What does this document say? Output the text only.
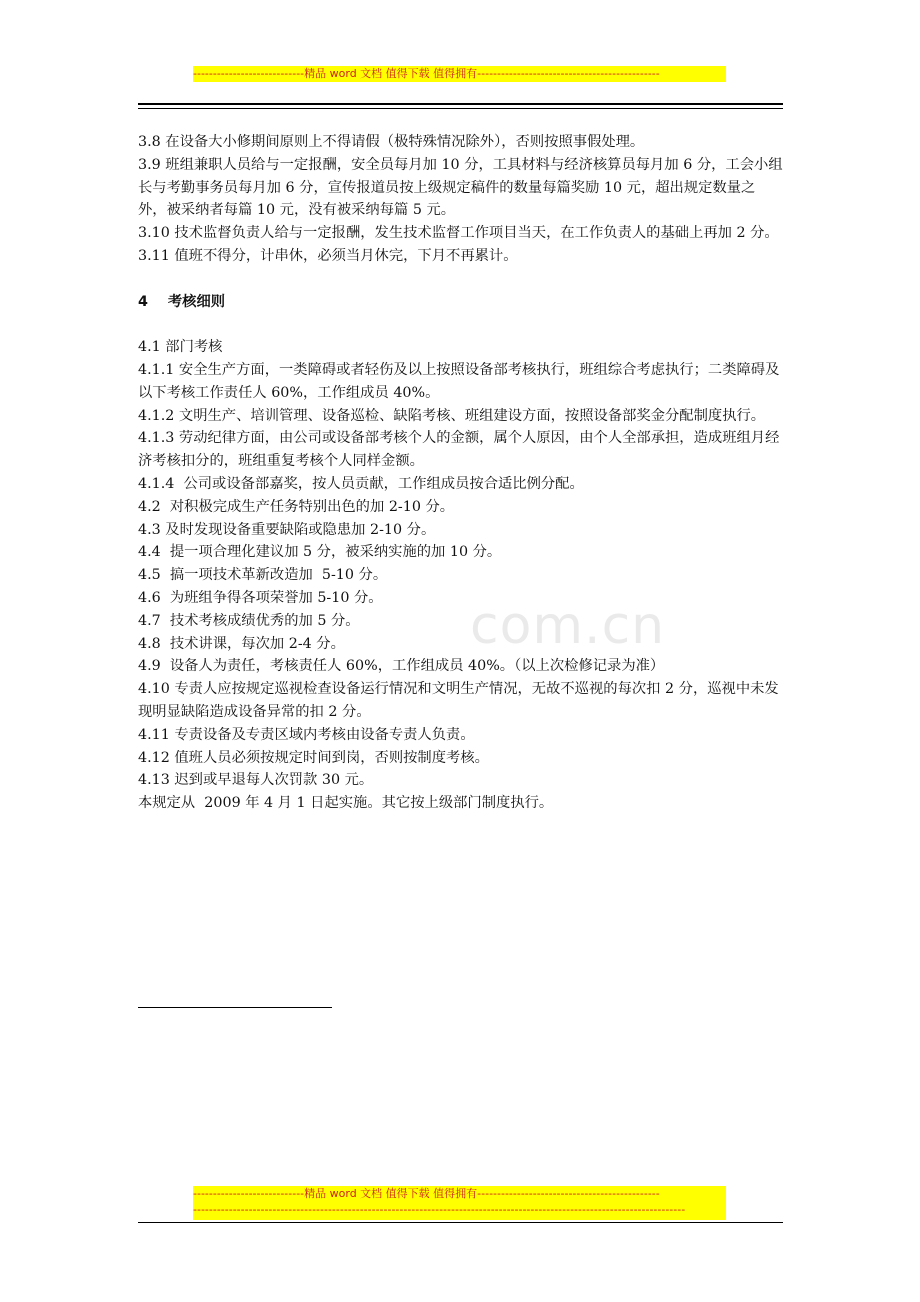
----------------------------精品 word 文档 值得下载 值得拥有----------------------------------------------
com.cn

3.8 在设备大小修期间原则上不得请假（极特殊情况除外），否则按照事假处理。

3.9 班组兼职人员给与一定报酬，安全员每月加 10 分，工具材料与经济核算员每月加 6 分，工会小组长与考勤事务员每月加 6 分，宣传报道员按上级规定稿件的数量每篇奖励 10 元，超出规定数量之外，被采纳者每篇 10 元，没有被采纳每篇 5 元。

3.10 技术监督负责人给与一定报酬，发生技术监督工作项目当天，在工作负责人的基础上再加 2 分。

3.11 值班不得分，计串休，必须当月休完，下月不再累计。

4    考核细则

4.1 部门考核

4.1.1 安全生产方面，一类障碍或者轻伤及以上按照设备部考核执行，班组综合考虑执行；二类障碍及以下考核工作责任人 60%，工作组成员 40%。

4.1.2 文明生产、培训管理、设备巡检、缺陷考核、班组建设方面，按照设备部奖金分配制度执行。

4.1.3 劳动纪律方面，由公司或设备部考核个人的金额，属个人原因，由个人全部承担，造成班组月经济考核扣分的，班组重复考核个人同样金额。

4.1.4  公司或设备部嘉奖，按人员贡献，工作组成员按合适比例分配。

4.2  对积极完成生产任务特别出色的加 2-10 分。

4.3 及时发现设备重要缺陷或隐患加 2-10 分。

4.4  提一项合理化建议加 5 分，被采纳实施的加 10 分。

4.5  搞一项技术革新改造加  5-10 分。

4.6  为班组争得各项荣誉加 5-10 分。

4.7  技术考核成绩优秀的加 5 分。

4.8  技术讲课，每次加 2-4 分。

4.9  设备人为责任，考核责任人 60%，工作组成员 40%。（以上次检修记录为准）

4.10 专责人应按规定巡视检查设备运行情况和文明生产情况，无故不巡视的每次扣 2 分，巡视中未发现明显缺陷造成设备异常的扣 2 分。

4.11 专责设备及专责区域内考核由设备专责人负责。

4.12 值班人员必须按规定时间到岗，否则按制度考核。

4.13 迟到或早退每人次罚款 30 元。

本规定从  2009 年 4 月 1 日起实施。其它按上级部门制度执行。

----------------------------精品 word 文档 值得下载 值得拥有----------------------------------------------
----------------------------------------------------------------------------------------------------------------------------
